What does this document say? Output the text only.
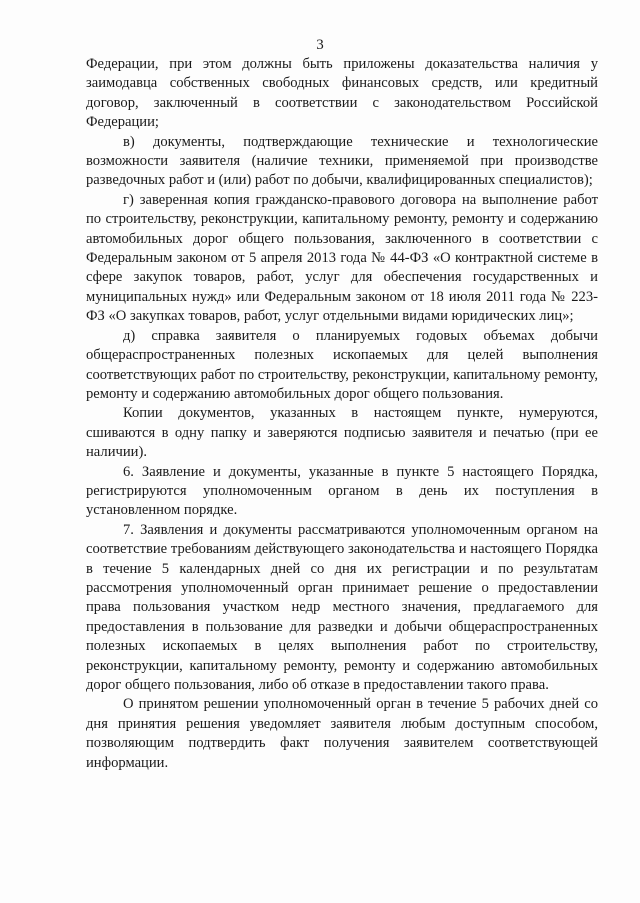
3

Федерации, при этом должны быть приложены доказательства наличия у заимодавца собственных свободных финансовых средств, или кредитный договор, заключенный в соответствии с законодательством Российской Федерации;

в) документы, подтверждающие технические и технологические возможности заявителя (наличие техники, применяемой при производстве разведочных работ и (или) работ по добычи, квалифицированных специалистов);

г) заверенная копия гражданско-правового договора на выполнение работ по строительству, реконструкции, капитальному ремонту, ремонту и содержанию автомобильных дорог общего пользования, заключенного в соответствии с Федеральным законом от 5 апреля 2013 года № 44-ФЗ «О контрактной системе в сфере закупок товаров, работ, услуг для обеспечения государственных и муниципальных нужд» или Федеральным законом от 18 июля 2011 года № 223-ФЗ «О закупках товаров, работ, услуг отдельными видами юридических лиц»;

д) справка заявителя о планируемых годовых объемах добычи общераспространенных полезных ископаемых для целей выполнения соответствующих работ по строительству, реконструкции, капитальному ремонту, ремонту и содержанию автомобильных дорог общего пользования.

Копии документов, указанных в настоящем пункте, нумеруются, сшиваются в одну папку и заверяются подписью заявителя и печатью (при ее наличии).

6. Заявление и документы, указанные в пункте 5 настоящего Порядка, регистрируются уполномоченным органом в день их поступления в установленном порядке.

7. Заявления и документы рассматриваются уполномоченным органом на соответствие требованиям действующего законодательства и настоящего Порядка в течение 5 календарных дней со дня их регистрации и по результатам рассмотрения уполномоченный орган принимает решение о предоставлении права пользования участком недр местного значения, предлагаемого для предоставления в пользование для разведки и добычи общераспространенных полезных ископаемых в целях выполнения работ по строительству, реконструкции, капитальному ремонту, ремонту и содержанию автомобильных дорог общего пользования, либо об отказе в предоставлении такого права.

О принятом решении уполномоченный орган в течение 5 рабочих дней со дня принятия решения уведомляет заявителя любым доступным способом, позволяющим подтвердить факт получения заявителем соответствующей информации.
